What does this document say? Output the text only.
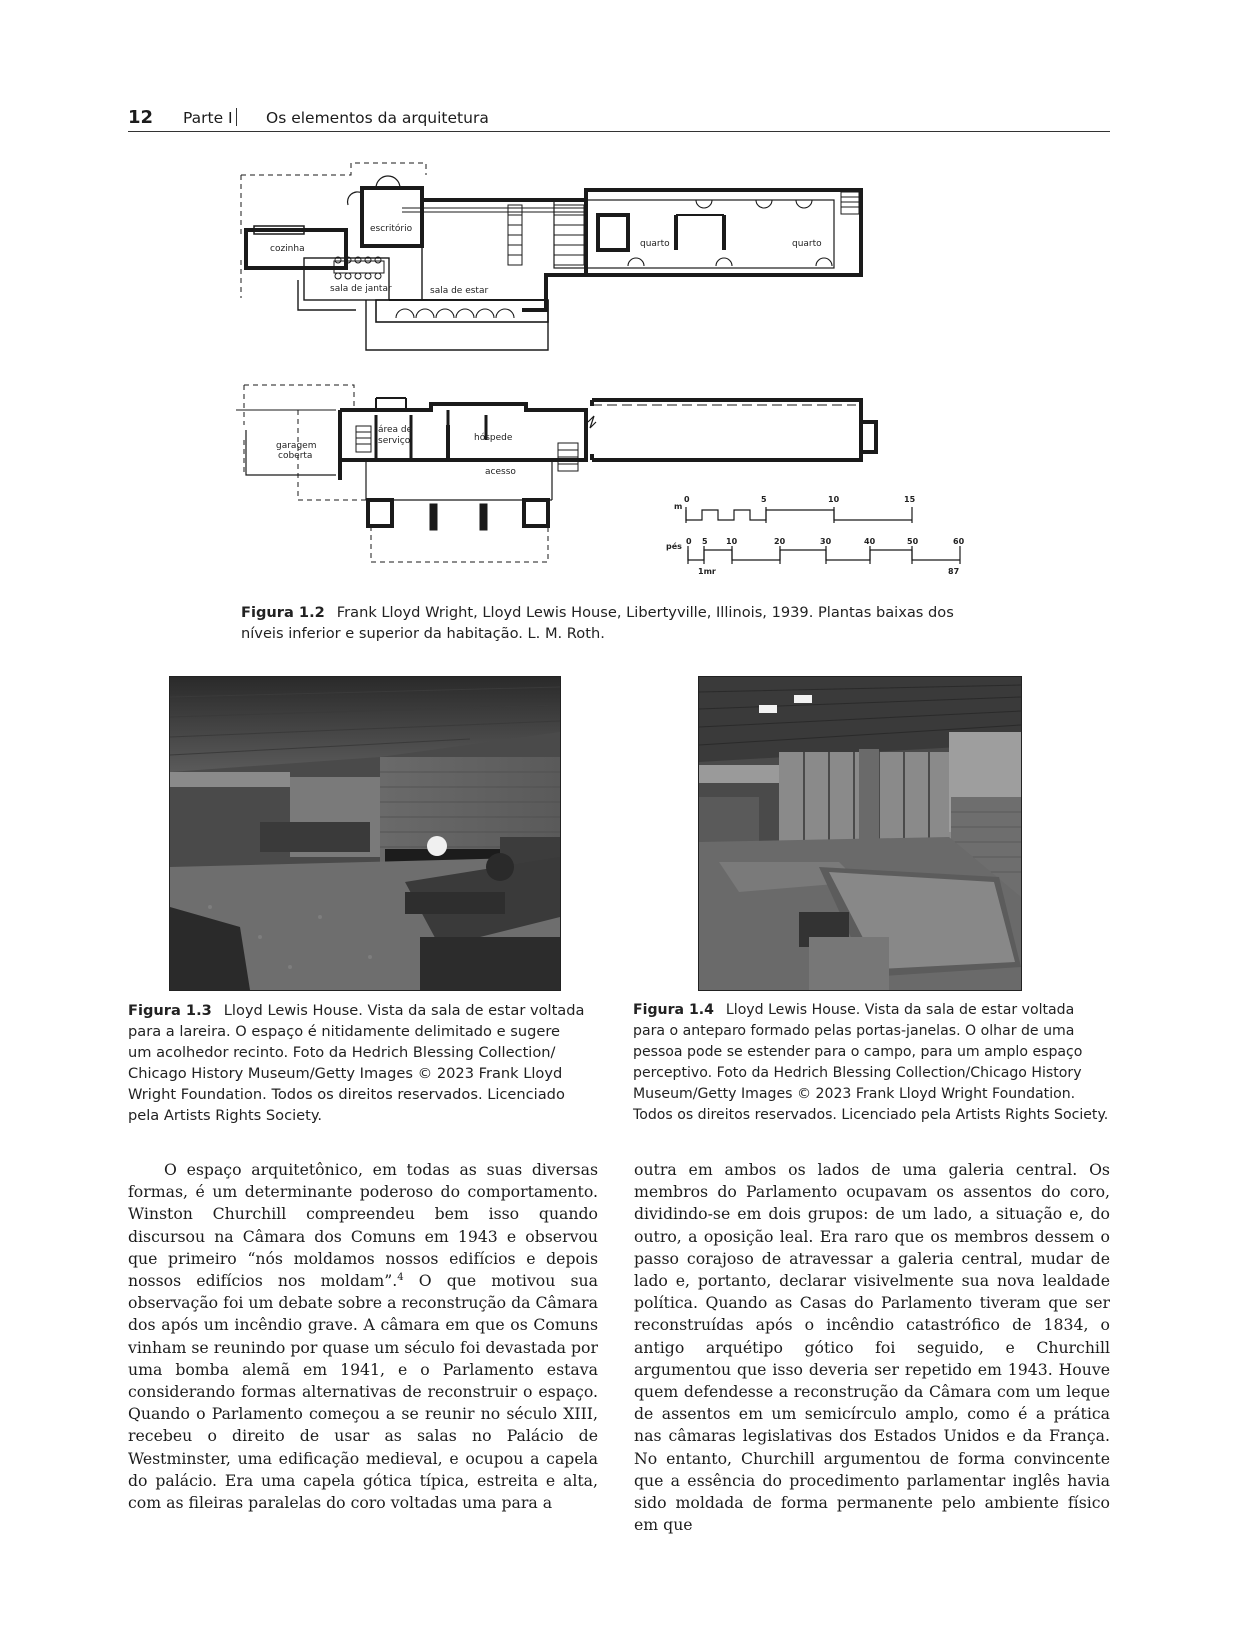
12 Parte I Os elementos da arquitetura
escritório
cozinha
sala de jantar	sala de estar
quarto	quarto
garagem
coberta
área de
serviço	hóspede
acesso
m
0	5	10	15
pés
0 5 10	20	30	40	50	60
1mr	87
Figura 1.2 Frank Lloyd Wright, Lloyd Lewis House, Libertyville, Illinois, 1939. Plantas baixas dos
níveis inferior e superior da habitação. L. M. Roth.
Figura 1.3 Lloyd Lewis House. Vista da sala de estar voltada
para a lareira. O espaço é nitidamente delimitado e sugere
um acolhedor recinto. Foto da Hedrich Blessing Collection/
Chicago History Museum/Getty Images © 2023 Frank Lloyd
Wright Foundation. Todos os direitos reservados. Licenciado
pela Artists Rights Society.
Figura 1.4 Lloyd Lewis House. Vista da sala de estar voltada
para o anteparo formado pelas portas-janelas. O olhar de uma
pessoa pode se estender para o campo, para um amplo espaço
perceptivo. Foto da Hedrich Blessing Collection/Chicago History
Museum/Getty Images © 2023 Frank Lloyd Wright Foundation.
Todos os direitos reservados. Licenciado pela Artists Rights Society.

O espaço arquitetônico, em todas as suas diversas formas, é um determinante poderoso do comportamento. Winston Churchill compreendeu bem isso quando discursou na Câmara dos Comuns em 1943 e observou que primeiro “nós moldamos nossos edifícios e depois nossos edifícios nos moldam”.$^4$ O que motivou sua observação foi um debate sobre a reconstrução da Câmara dos após um incêndio grave. A câmara em que os Comuns vinham se reunindo por quase um século foi devastada por uma bomba alemã em 1941, e o Parlamento estava considerando formas alternativas de reconstruir o espaço. Quando o Parlamento começou a se reunir no século XIII, recebeu o direito de usar as salas no Palácio de Westminster, uma edificação medieval, e ocupou a capela do palácio. Era uma capela gótica típica, estreita e alta, com as fileiras paralelas do coro voltadas uma para a

outra em ambos os lados de uma galeria central. Os membros do Parlamento ocupavam os assentos do coro, dividindo-se em dois grupos: de um lado, a situação e, do outro, a oposição leal. Era raro que os membros dessem o passo corajoso de atravessar a galeria central, mudar de lado e, portanto, declarar visivelmente sua nova lealdade política. Quando as Casas do Parlamento tiveram que ser reconstruídas após o incêndio catastrófico de 1834, o antigo arquétipo gótico foi seguido, e Churchill argumentou que isso deveria ser repetido em 1943. Houve quem defendesse a reconstrução da Câmara com um leque de assentos em um semicírculo amplo, como é a prática nas câmaras legislativas dos Estados Unidos e da França. No entanto, Churchill argumentou de forma convincente que a essência do procedimento parlamentar inglês havia sido moldada de forma permanente pelo ambiente físico em que
